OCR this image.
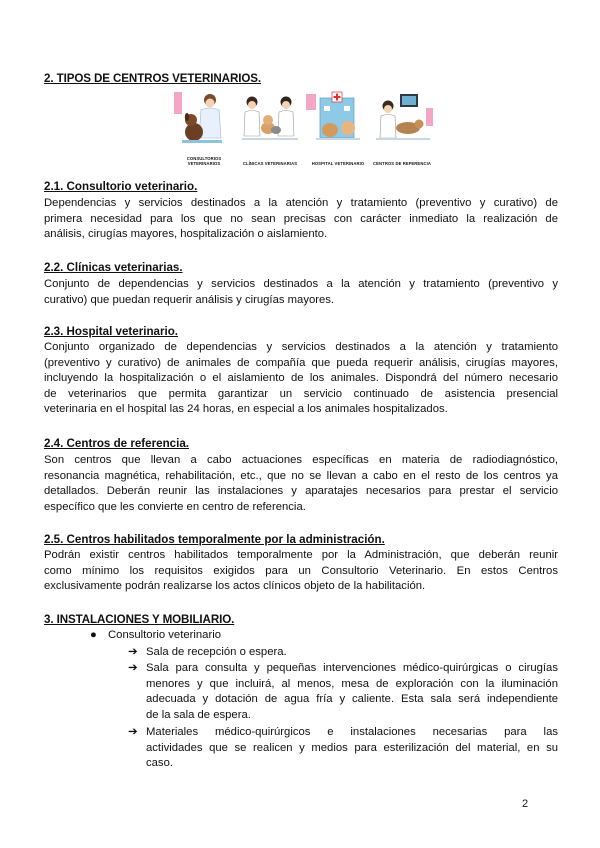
2. TIPOS DE CENTROS VETERINARIOS.
CONSULTORIOS VETERINARIOS	CLÍNICAS VETERINARIAS	HOSPITAL VETERINARIO	CENTROS DE REFERENCIA
2.1. Consultorio veterinario.
Dependencias y servicios destinados a la atención y tratamiento (preventivo y curativo) de
primera necesidad para los que no sean precisas con carácter inmediato la realización de
análisis, cirugías mayores, hospitalización o aislamiento.
2.2. Clínicas veterinarias.
Conjunto de dependencias y servicios destinados a la atención y tratamiento (preventivo y
curativo) que puedan requerir análisis y cirugías mayores.
2.3. Hospital veterinario.
Conjunto organizado de dependencias y servicios destinados a la atención y tratamiento
(preventivo y curativo) de animales de compañía que pueda requerir análisis, cirugías mayores,
incluyendo la hospitalización o el aislamiento de los animales. Dispondrá del número necesario
de veterinarios que permita garantizar un servicio continuado de asistencia presencial
veterinaria en el hospital las 24 horas, en especial a los animales hospitalizados.
2.4. Centros de referencia.
Son centros que llevan a cabo actuaciones específicas en materia de radiodiagnóstico,
resonancia magnética, rehabilitación, etc., que no se llevan a cabo en el resto de los centros ya
detallados. Deberán reunir las instalaciones y aparatajes necesarios para prestar el servicio
específico que les convierte en centro de referencia.
2.5. Centros habilitados temporalmente por la administración.
Podrán existir centros habilitados temporalmente por la Administración, que deberán reunir
como mínimo los requisitos exigidos para un Consultorio Veterinario. En estos Centros
exclusivamente podrán realizarse los actos clínicos objeto de la habilitación.
3. INSTALACIONES Y MOBILIARIO.
● Consultorio veterinario
➔ Sala de recepción o espera.
➔ Sala para consulta y pequeñas intervenciones médico-quirúrgicas o cirugías
menores y que incluirá, al menos, mesa de exploración con la iluminación
adecuada y dotación de agua fría y caliente. Esta sala será independiente
de la sala de espera.
➔ Materiales médico-quirúrgicos e instalaciones necesarias para las
actividades que se realicen y medios para esterilización del material, en su
caso.
2
